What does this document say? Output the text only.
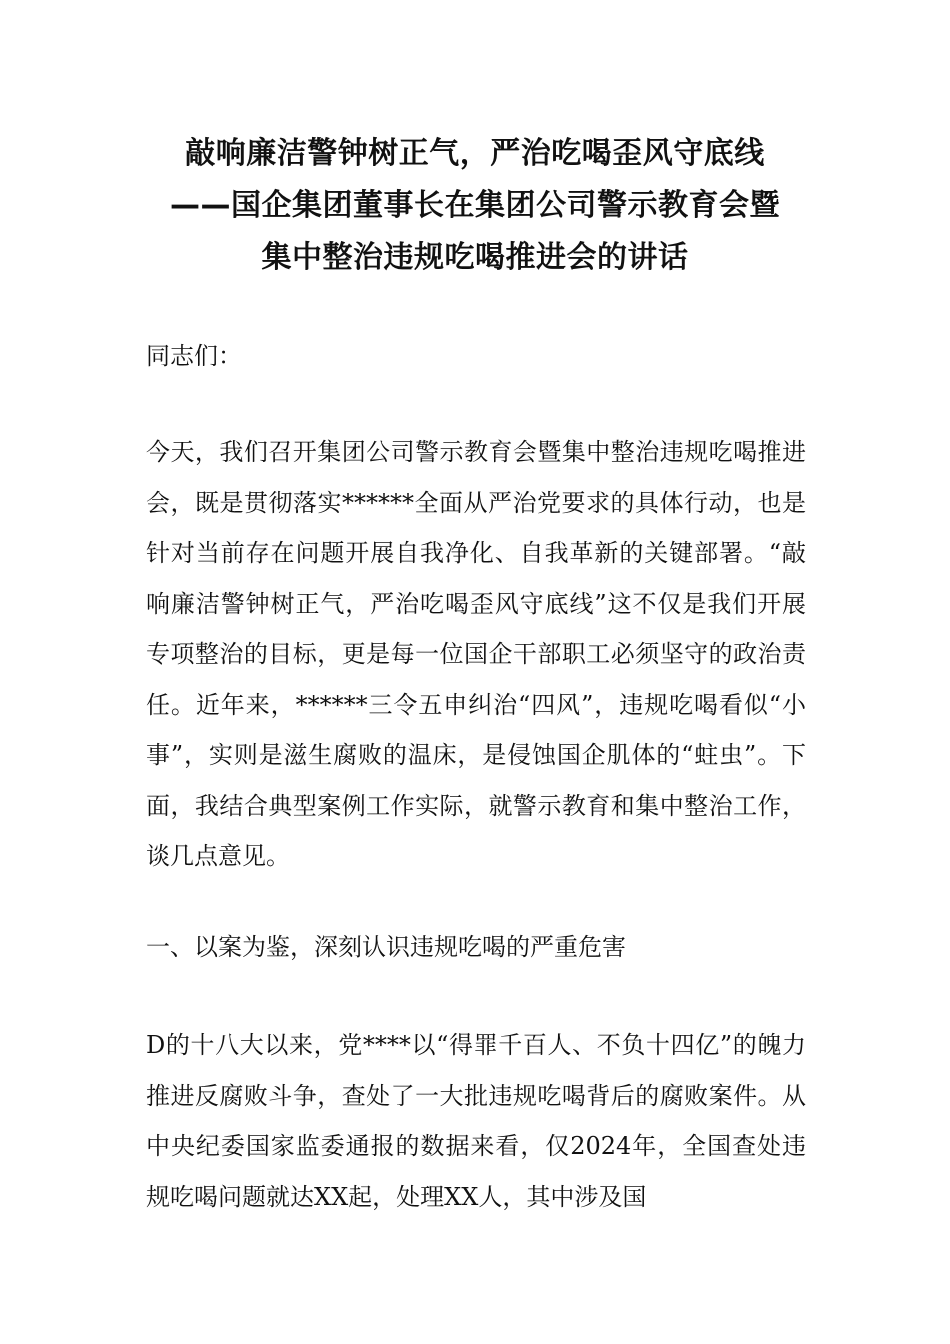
敲响廉洁警钟树正气，严治吃喝歪风守底线
——国企集团董事长在集团公司警示教育会暨
集中整治违规吃喝推进会的讲话

同志们：

今天，我们召开集团公司警示教育会暨集中整治违规吃喝推进会，既是贯彻落实******全面从严治党要求的具体行动，也是针对当前存在问题开展自我净化、自我革新的关键部署。“敲响廉洁警钟树正气，严治吃喝歪风守底线”这不仅是我们开展专项整治的目标，更是每一位国企干部职工必须坚守的政治责任。近年来，******三令五申纠治“四风”，违规吃喝看似“小事”，实则是滋生腐败的温床，是侵蚀国企肌体的“蛀虫”。下面，我结合典型案例工作实际，就警示教育和集中整治工作，谈几点意见。

一、以案为鉴，深刻认识违规吃喝的严重危害

D的十八大以来，党****以“得罪千百人、不负十四亿”的魄力推进反腐败斗争，查处了一大批违规吃喝背后的腐败案件。从中央纪委国家监委通报的数据来看，仅2024年，全国查处违规吃喝问题就达XX起，处理XX人，其中涉及国
